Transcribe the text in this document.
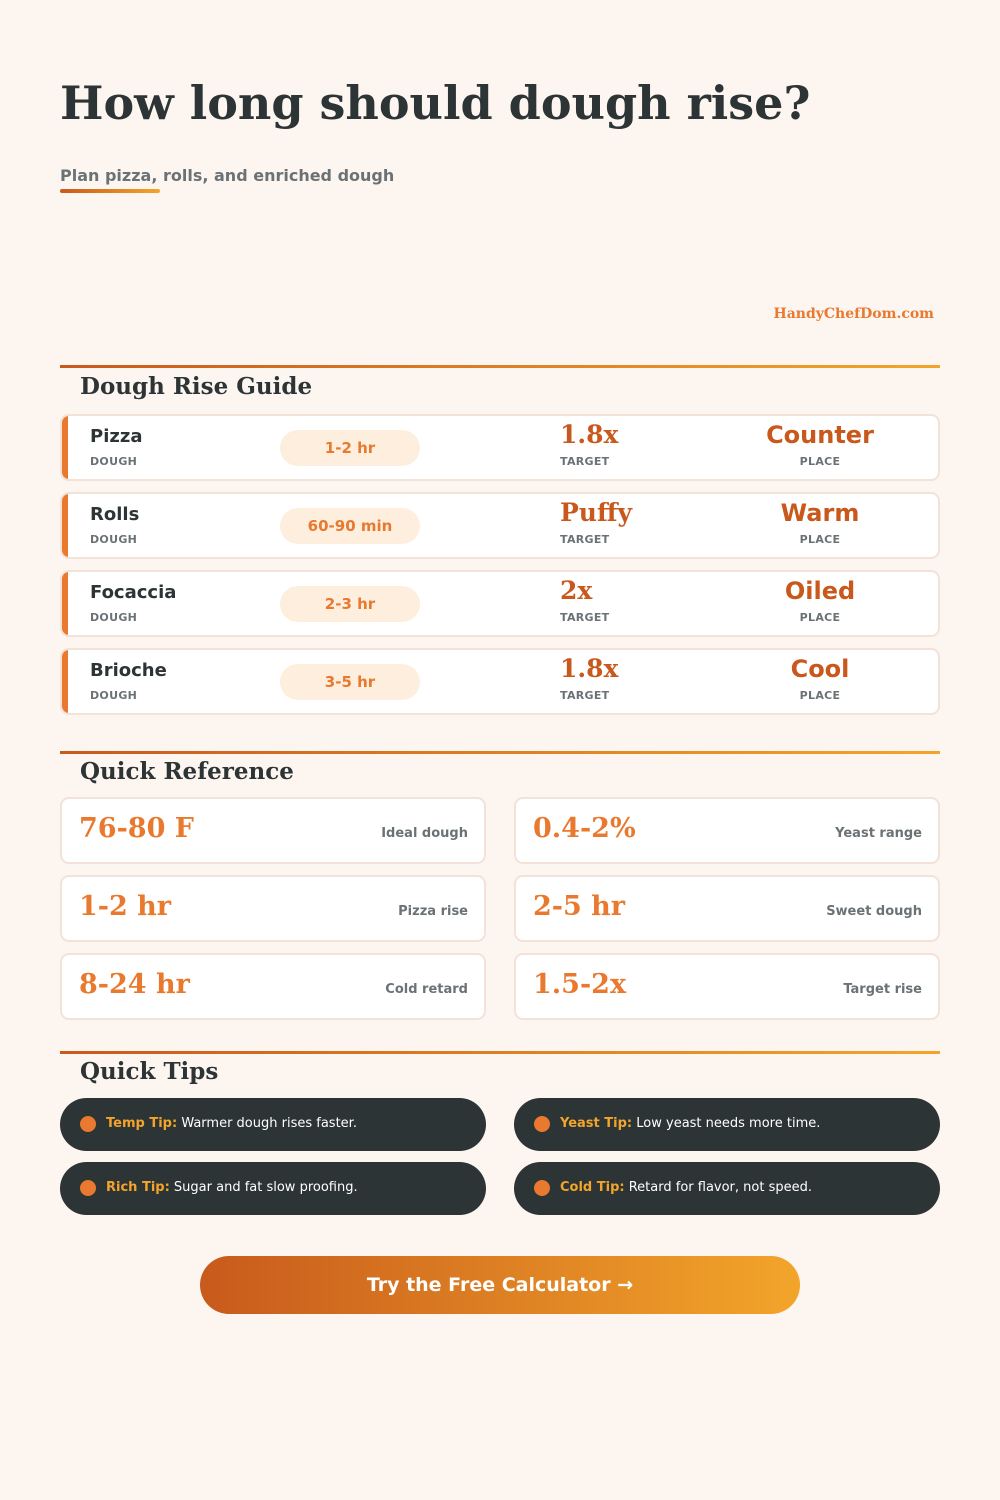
How long should dough rise?
Plan pizza, rolls, and enriched dough
HandyChefDom.com
Dough Rise Guide
Pizza
DOUGH
1-2 hr	1.8x
TARGET
Counter
PLACE
Rolls
DOUGH
60-90 min	Puffy
TARGET
Warm
PLACE
Focaccia
DOUGH
2-3 hr	2x
TARGET
Oiled
PLACE
Brioche
DOUGH
3-5 hr	1.8x
TARGET
Cool
PLACE
Quick Reference
76-80 F	Ideal dough 0.4-2%	Yeast range
1-2 hr	Pizza rise 2-5 hr	Sweet dough
8-24 hr	Cold retard 1.5-2x	Target rise
Quick Tips
Temp Tip: Warmer dough rises faster.	Yeast Tip: Low yeast needs more time.
Rich Tip: Sugar and fat slow proofing.	Cold Tip: Retard for flavor, not speed.
Try the Free Calculator →
